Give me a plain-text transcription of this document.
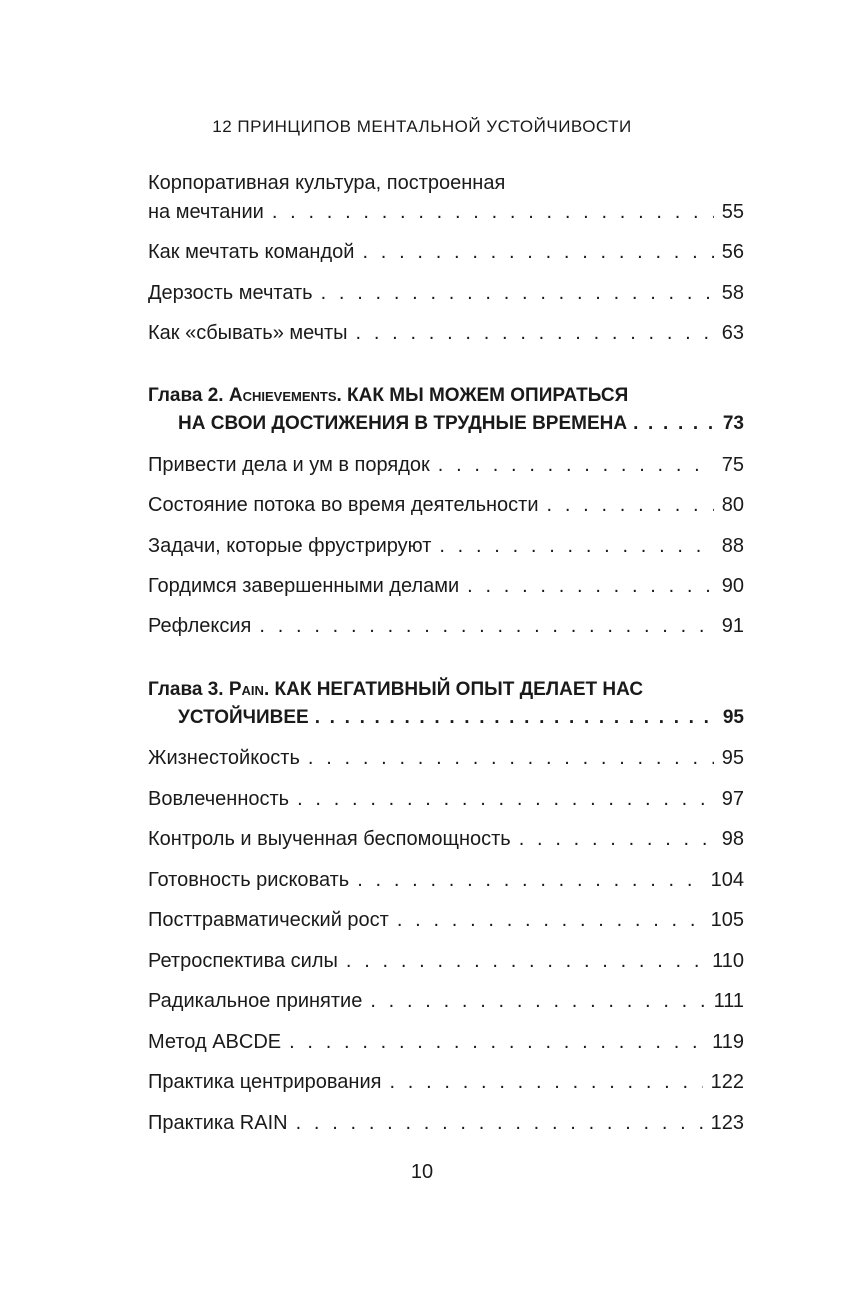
12 ПРИНЦИПОВ МЕНТАЛЬНОЙ УСТОЙЧИВОСТИ
Корпоративная культура, построенная
на мечтании . . .	55
Как мечтать командой . . .	56
Дерзость мечтать . . .	58
Как «сбывать» мечты . . .	63
Глава 2. Achievements. КАК МЫ МОЖЕМ ОПИРАТЬСЯ
НА СВОИ ДОСТИЖЕНИЯ В ТРУДНЫЕ ВРЕМЕНА . . .	73
Привести дела и ум в порядок . . .	75
Состояние потока во время деятельности . . .	80
Задачи, которые фрустрируют . . .	88
Гордимся завершенными делами . . .	90
Рефлексия . . .	91
Глава 3. Pain. КАК НЕГАТИВНЫЙ ОПЫТ ДЕЛАЕТ НАС
УСТОЙЧИВЕЕ . . .	95
Жизнестойкость . . .	95
Вовлеченность . . .	97
Контроль и выученная беспомощность . . .	98
Готовность рисковать . . .	104
Посттравматический рост . . .	105
Ретроспектива силы . . .	110
Радикальное принятие . . .	111
Метод ABCDE . . .	119
Практика центрирования . . .	122
Практика RAIN . . .	123
10
